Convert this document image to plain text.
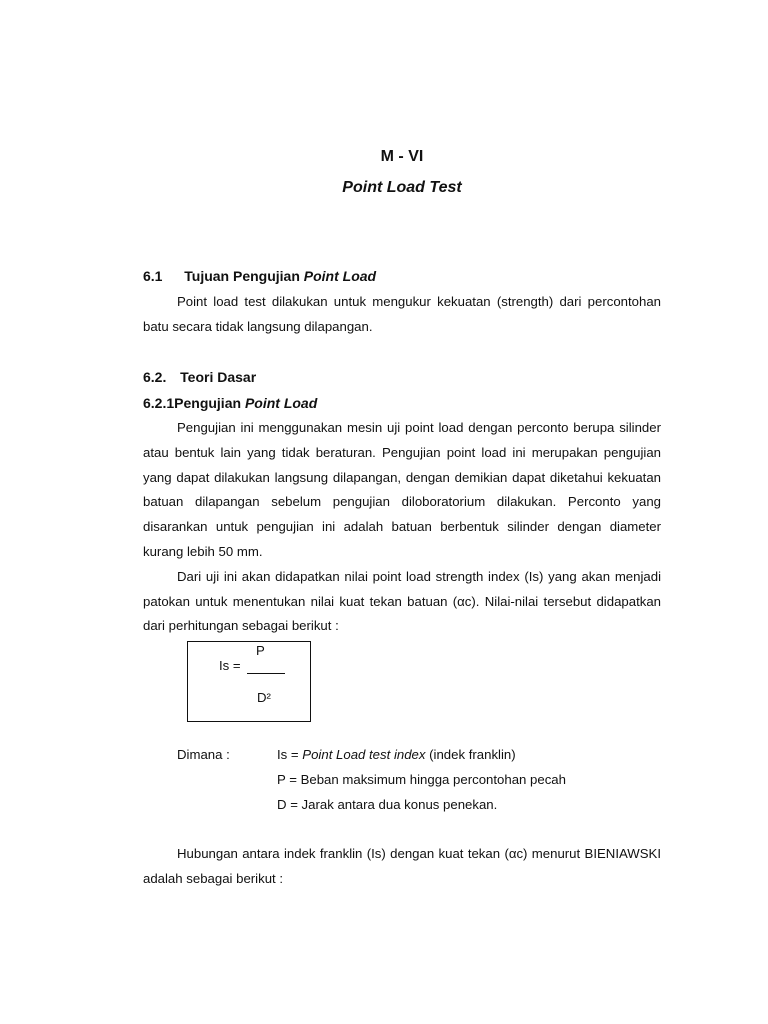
M - VI
Point Load Test
6.1 Tujuan Pengujian Point Load

Point load test dilakukan untuk mengukur kekuatan (strength) dari percontohan batu secara tidak langsung dilapangan.

6.2. Teori Dasar
6.2.1Pengujian Point Load

Pengujian ini menggunakan mesin uji point load dengan perconto berupa silinder atau bentuk lain yang tidak beraturan. Pengujian point load ini merupakan pengujian yang dapat dilakukan langsung dilapangan, dengan demikian dapat diketahui kekuatan batuan dilapangan sebelum pengujian diloboratorium dilakukan. Perconto yang disarankan untuk pengujian ini adalah batuan berbentuk silinder dengan diameter kurang lebih 50 mm.

Dari uji ini akan didapatkan nilai point load strength index (Is) yang akan menjadi patokan untuk menentukan nilai kuat tekan batuan (αc). Nilai-nilai tersebut didapatkan dari perhitungan sebagai berikut :

P
Is =
D²
Dimana :	Is = Point Load test index (indek franklin)
P = Beban maksimum hingga percontohan pecah
D = Jarak antara dua konus penekan.

Hubungan antara indek franklin (Is) dengan kuat tekan (αc) menurut BIENIAWSKI adalah sebagai berikut :
